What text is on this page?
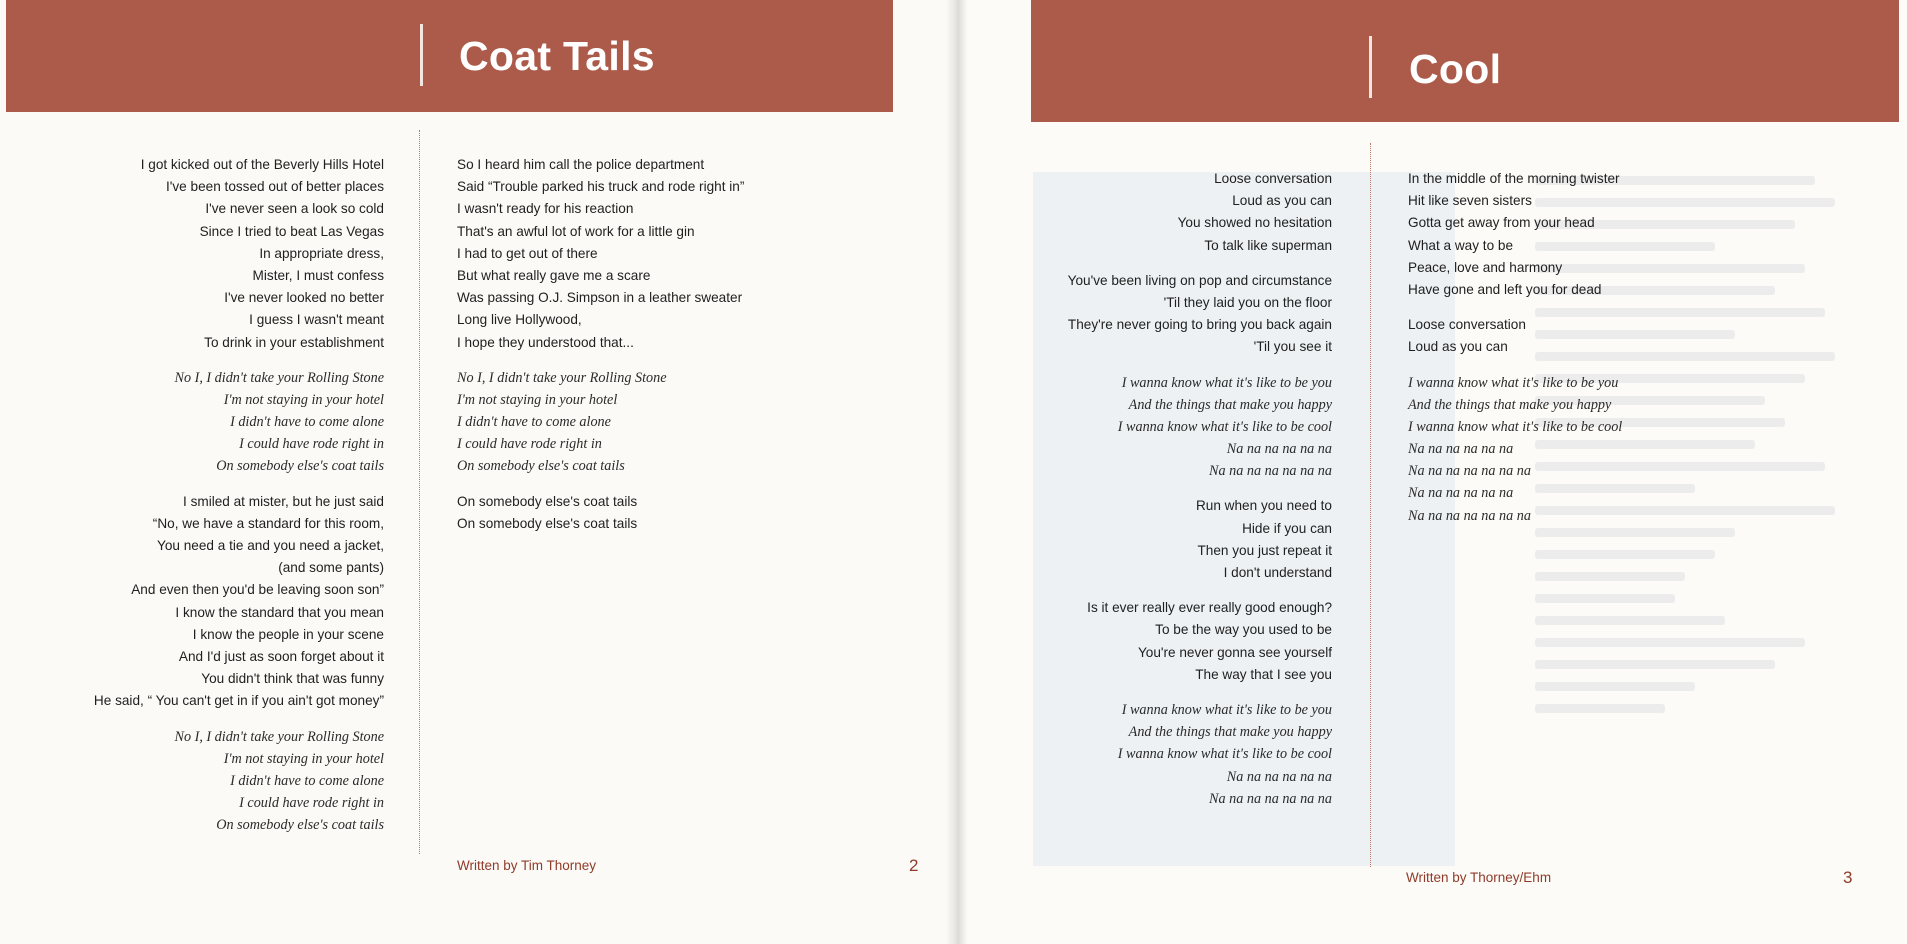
Coat Tails
I got kicked out of the Beverly Hills Hotel
I've been tossed out of better places
I've never seen a look so cold
Since I tried to beat Las Vegas
In appropriate dress,
Mister, I must confess
I've never looked no better
I guess I wasn't meant
To drink in your establishment
No I, I didn't take your Rolling Stone
I'm not staying in your hotel
I didn't have to come alone
I could have rode right in
On somebody else's coat tails
I smiled at mister, but he just said
“No, we have a standard for this room,
You need a tie and you need a jacket,
(and some pants)
And even then you'd be leaving soon son”
I know the standard that you mean
I know the people in your scene
And I'd just as soon forget about it
You didn't think that was funny
He said, “ You can't get in if you ain't got money”
No I, I didn't take your Rolling Stone
I'm not staying in your hotel
I didn't have to come alone
I could have rode right in
On somebody else's coat tails
So I heard him call the police department
Said “Trouble parked his truck and rode right in”
I wasn't ready for his reaction
That's an awful lot of work for a little gin
I had to get out of there
But what really gave me a scare
Was passing O.J. Simpson in a leather sweater
Long live Hollywood,
I hope they understood that...
No I, I didn't take your Rolling Stone
I'm not staying in your hotel
I didn't have to come alone
I could have rode right in
On somebody else's coat tails
On somebody else's coat tails
On somebody else's coat tails
Written by Tim Thorney	2
Cool
Loose conversation
Loud as you can
You showed no hesitation
To talk like superman
You've been living on pop and circumstance
'Til they laid you on the floor
They're never going to bring you back again
'Til you see it
I wanna know what it's like to be you
And the things that make you happy
I wanna know what it's like to be cool
Na na na na na na
Na na na na na na na
Run when you need to
Hide if you can
Then you just repeat it
I don't understand
Is it ever really ever really good enough?
To be the way you used to be
You're never gonna see yourself
The way that I see you
I wanna know what it's like to be you
And the things that make you happy
I wanna know what it's like to be cool
Na na na na na na
Na na na na na na na
In the middle of the morning twister
Hit like seven sisters
Gotta get away from your head
What a way to be
Peace, love and harmony
Have gone and left you for dead
Loose conversation
Loud as you can
I wanna know what it's like to be you
And the things that make you happy
I wanna know what it's like to be cool
Na na na na na na
Na na na na na na na
Na na na na na na
Na na na na na na na
Written by Thorney/Ehm	3
